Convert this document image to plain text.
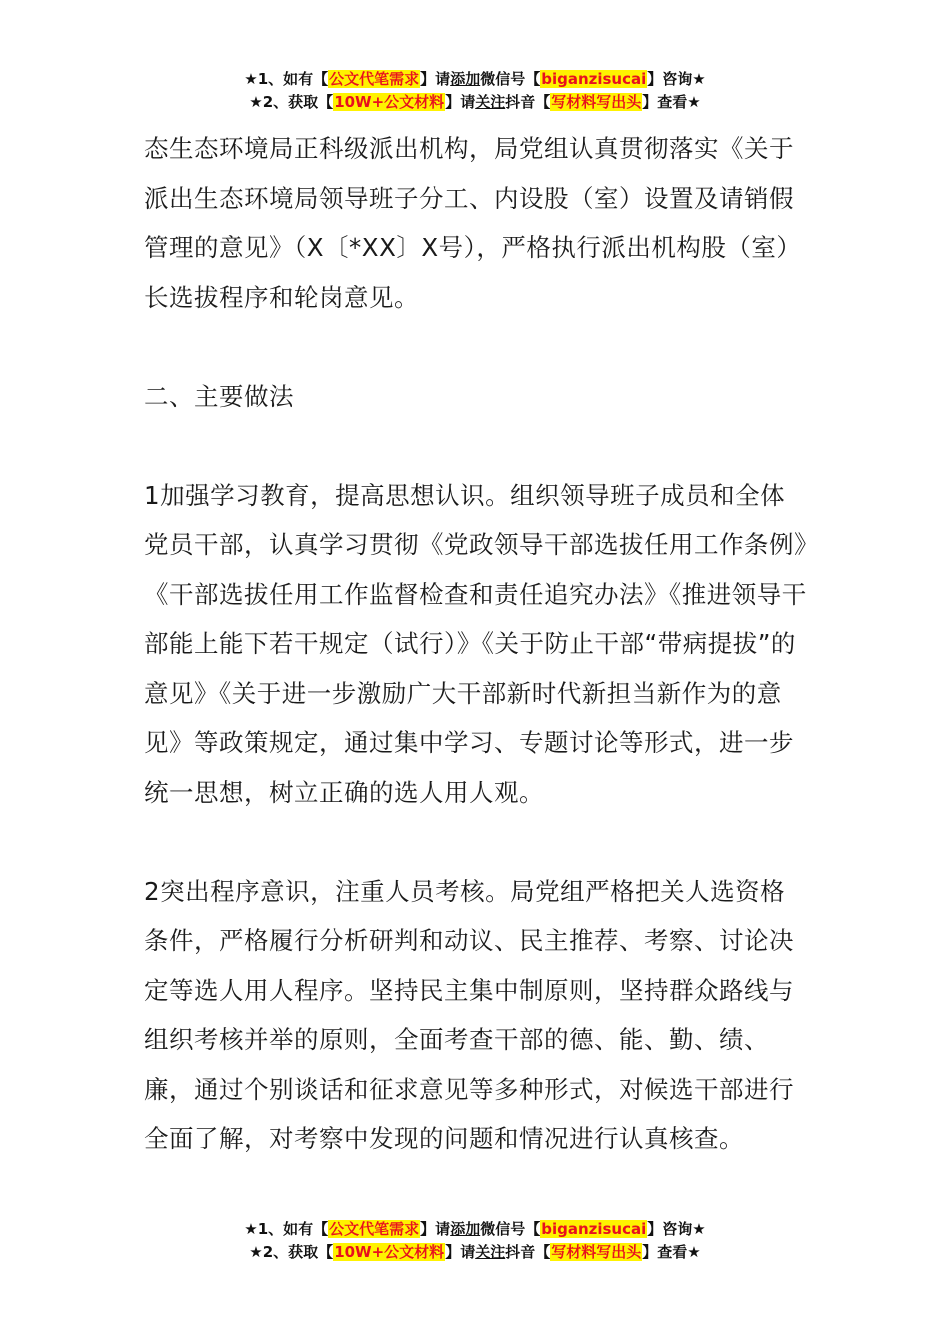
★1、如有【公文代笔需求】请添加微信号【biganzisucai】咨询★
★2、获取【10W+公文材料】请关注抖音【写材料写出头】查看★

态生态环境局正科级派出机构，局党组认真贯彻落实《关于派出生态环境局领导班子分工、内设股（室）设置及请销假管理的意见》（X〔*XX〕X号），严格执行派出机构股（室）长选拔程序和轮岗意见。

二、主要做法

1加强学习教育，提高思想认识。组织领导班子成员和全体党员干部，认真学习贯彻《党政领导干部选拔任用工作条例》《干部选拔任用工作监督检查和责任追究办法》《推进领导干部能上能下若干规定（试行）》《关于防止干部“带病提拔”的意见》《关于进一步激励广大干部新时代新担当新作为的意见》等政策规定，通过集中学习、专题讨论等形式，进一步统一思想，树立正确的选人用人观。

2突出程序意识，注重人员考核。局党组严格把关人选资格条件，严格履行分析研判和动议、民主推荐、考察、讨论决定等选人用人程序。坚持民主集中制原则，坚持群众路线与组织考核并举的原则，全面考查干部的德、能、勤、绩、廉，通过个别谈话和征求意见等多种形式，对候选干部进行全面了解，对考察中发现的问题和情况进行认真核查。

★1、如有【公文代笔需求】请添加微信号【biganzisucai】咨询★
★2、获取【10W+公文材料】请关注抖音【写材料写出头】查看★
